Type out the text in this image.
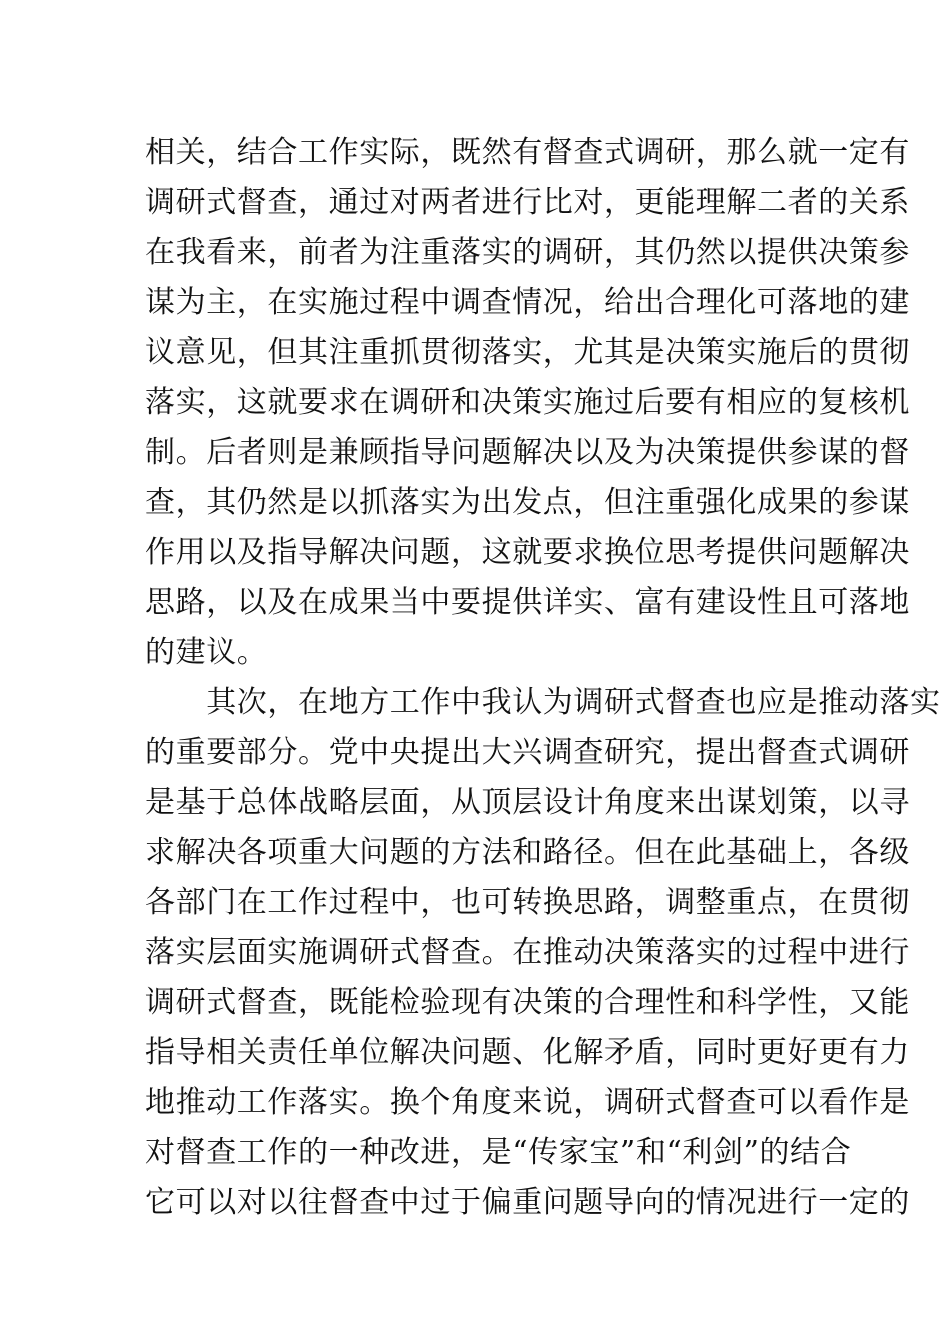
相关，结合工作实际，既然有督查式调研，那么就一定有
调研式督查，通过对两者进行比对，更能理解二者的关系
在我看来，前者为注重落实的调研，其仍然以提供决策参
谋为主，在实施过程中调查情况，给出合理化可落地的建
议意见，但其注重抓贯彻落实，尤其是决策实施后的贯彻
落实，这就要求在调研和决策实施过后要有相应的复核机
制。后者则是兼顾指导问题解决以及为决策提供参谋的督
查，其仍然是以抓落实为出发点，但注重强化成果的参谋
作用以及指导解决问题，这就要求换位思考提供问题解决
思路，以及在成果当中要提供详实、富有建设性且可落地
的建议。
　　其次，在地方工作中我认为调研式督查也应是推动落实
的重要部分。党中央提出大兴调查研究，提出督查式调研
是基于总体战略层面，从顶层设计角度来出谋划策，以寻
求解决各项重大问题的方法和路径。但在此基础上，各级
各部门在工作过程中，也可转换思路，调整重点，在贯彻
落实层面实施调研式督查。在推动决策落实的过程中进行
调研式督查，既能检验现有决策的合理性和科学性，又能
指导相关责任单位解决问题、化解矛盾，同时更好更有力
地推动工作落实。换个角度来说，调研式督查可以看作是
对督查工作的一种改进，是“传家宝”和“利剑”的结合
它可以对以往督查中过于偏重问题导向的情况进行一定的
